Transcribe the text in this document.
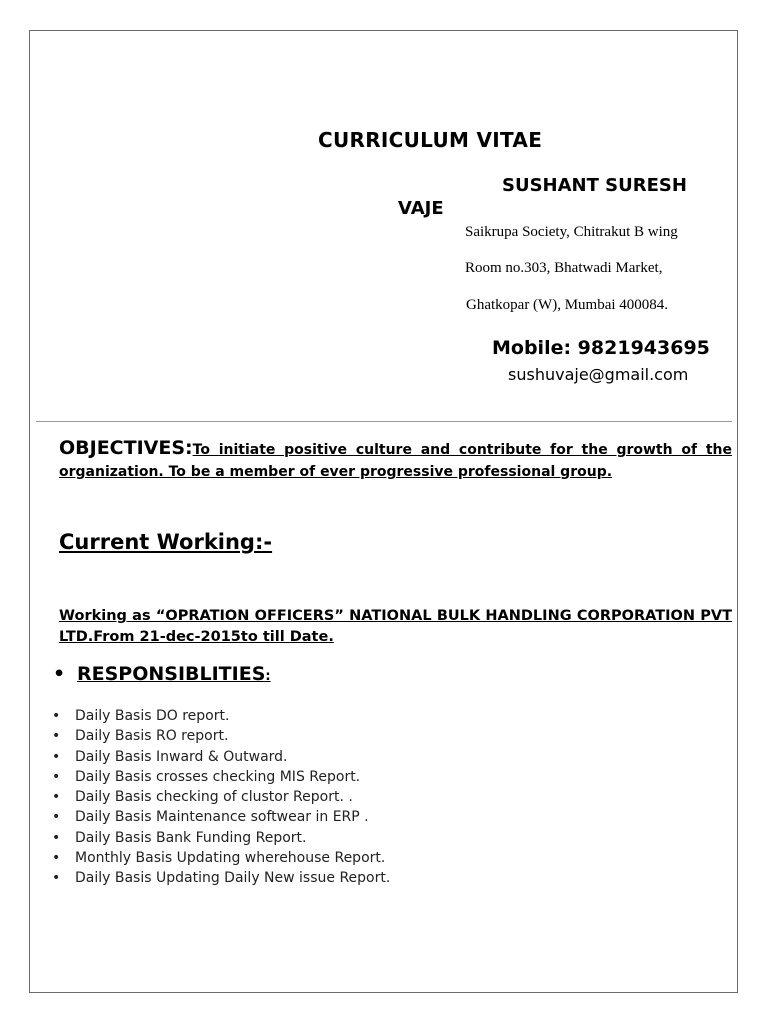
CURRICULUM VITAE
SUSHANT SURESH
VAJE
Saikrupa Society, Chitrakut B wing
Room no.303, Bhatwadi Market,
Ghatkopar (W), Mumbai 400084.
Mobile: 9821943695
sushuvaje@gmail.com
OBJECTIVES:To initiate positive culture and contribute for the growth of the organization. To be a member of ever progressive professional group.
Current Working:-
Working as “OPRATION OFFICERS” NATIONAL BULK HANDLING CORPORATION PVT LTD.From 21-dec-2015to till Date.
• RESPONSIBLITIES:
• Daily Basis DO report.
• Daily Basis RO report.
• Daily Basis Inward & Outward.
• Daily Basis crosses checking MIS Report.
• Daily Basis checking of clustor Report. .
• Daily Basis Maintenance softwear in ERP .
• Daily Basis Bank Funding Report.
• Monthly Basis Updating wherehouse Report.
• Daily Basis Updating Daily New issue Report.
